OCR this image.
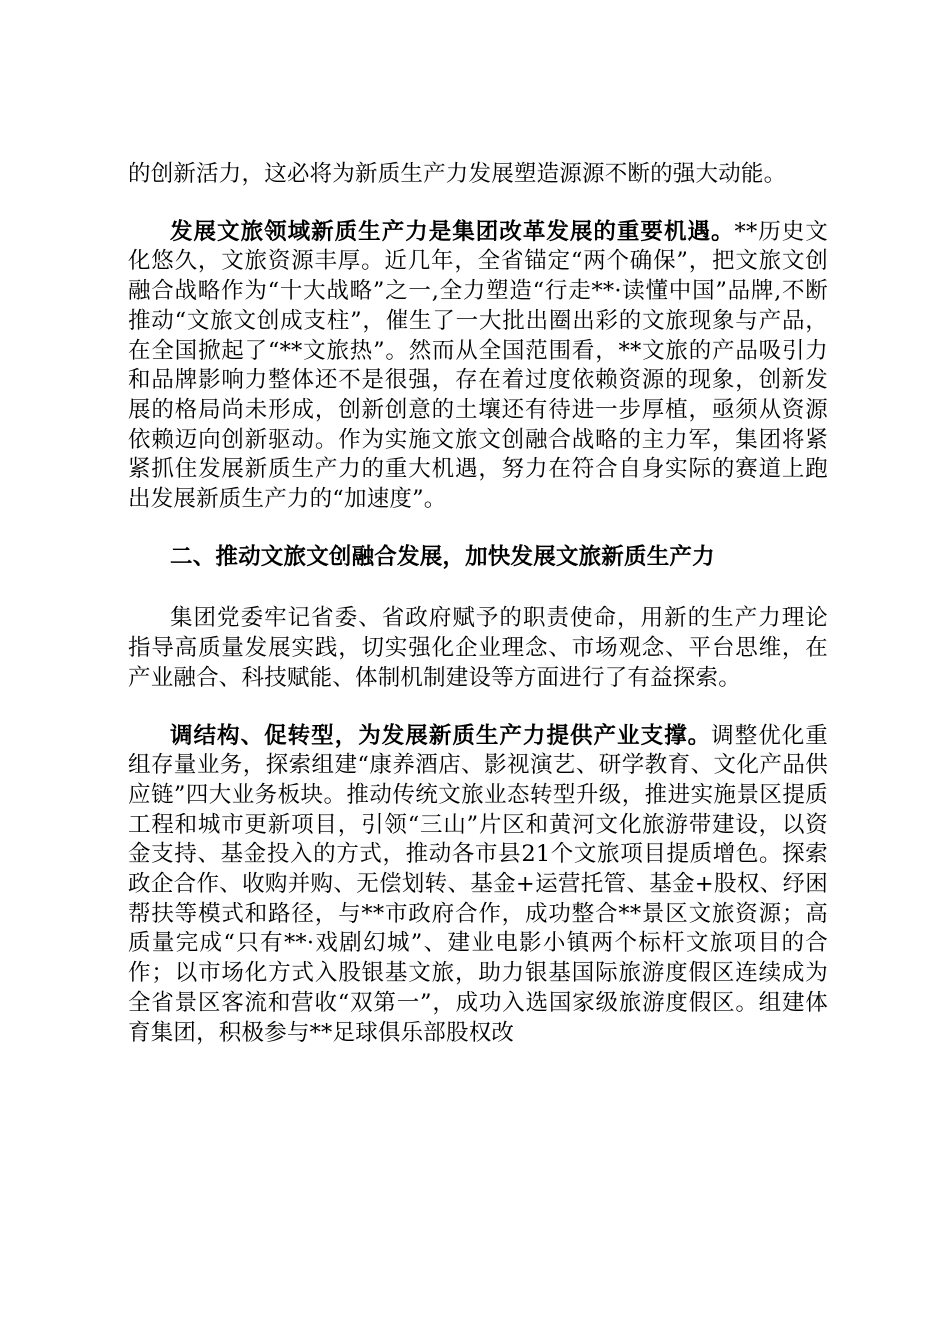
的创新活力，这必将为新质生产力发展塑造源源不断的强大动能。

发展文旅领域新质生产力是集团改革发展的重要机遇。**历史文化悠久，文旅资源丰厚。近几年，全省锚定“两个确保”，把文旅文创融合战略作为“十大战略”之一,全力塑造“行走**·读懂中国”品牌,不断推动“文旅文创成支柱”，催生了一大批出圈出彩的文旅现象与产品，在全国掀起了“**文旅热”。然而从全国范围看，**文旅的产品吸引力和品牌影响力整体还不是很强，存在着过度依赖资源的现象，创新发展的格局尚未形成，创新创意的土壤还有待进一步厚植，亟须从资源依赖迈向创新驱动。作为实施文旅文创融合战略的主力军，集团将紧紧抓住发展新质生产力的重大机遇，努力在符合自身实际的赛道上跑出发展新质生产力的“加速度”。

二、推动文旅文创融合发展，加快发展文旅新质生产力

集团党委牢记省委、省政府赋予的职责使命，用新的生产力理论指导高质量发展实践，切实强化企业理念、市场观念、平台思维，在产业融合、科技赋能、体制机制建设等方面进行了有益探索。

调结构、促转型，为发展新质生产力提供产业支撑。调整优化重组存量业务，探索组建“康养酒店、影视演艺、研学教育、文化产品供应链”四大业务板块。推动传统文旅业态转型升级，推进实施景区提质工程和城市更新项目，引领“三山”片区和黄河文化旅游带建设，以资金支持、基金投入的方式，推动各市县21个文旅项目提质增色。探索政企合作、收购并购、无偿划转、基金+运营托管、基金+股权、纾困帮扶等模式和路径，与**市政府合作，成功整合**景区文旅资源；高质量完成“只有**·戏剧幻城”、建业电影小镇两个标杆文旅项目的合作；以市场化方式入股银基文旅，助力银基国际旅游度假区连续成为全省景区客流和营收“双第一”，成功入选国家级旅游度假区。组建体育集团，积极参与**足球俱乐部股权改
